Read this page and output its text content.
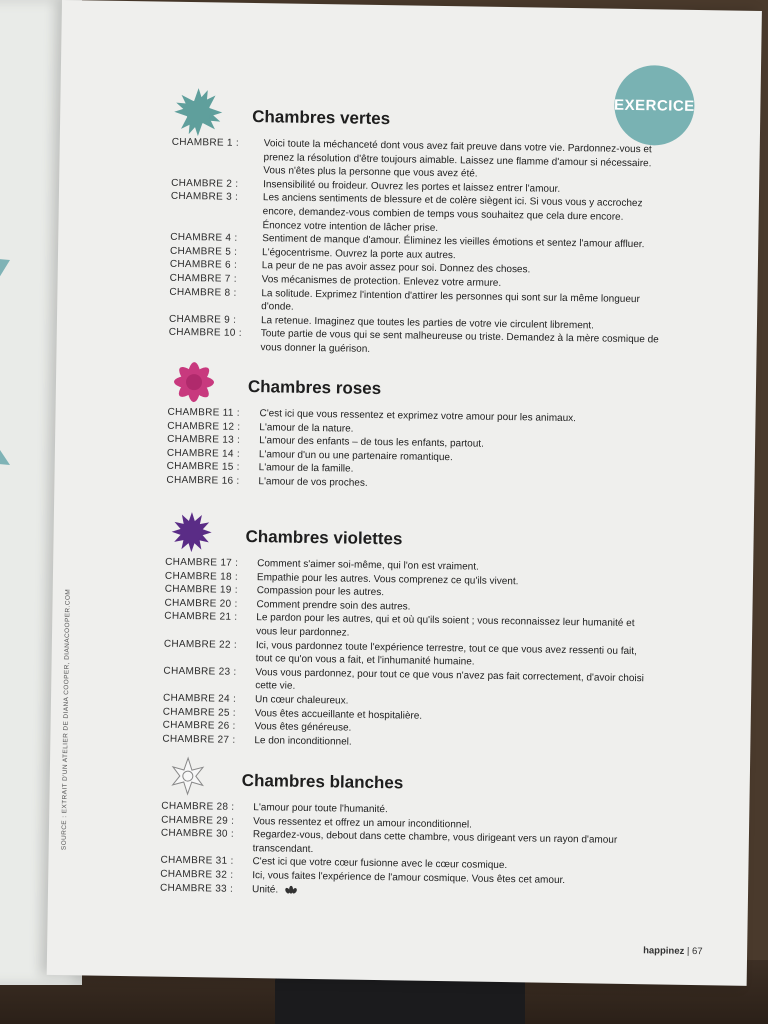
EXERCICE
Chambres vertes
CHAMBRE 1 :	Voici toute la méchanceté dont vous avez fait preuve dans votre vie. Pardonnez-vous et prenez la résolution d'être toujours aimable. Laissez une flamme d'amour si nécessaire. Vous n'êtes plus la personne que vous avez été.
CHAMBRE 2 :	Insensibilité ou froideur. Ouvrez les portes et laissez entrer l'amour.
CHAMBRE 3 :	Les anciens sentiments de blessure et de colère siègent ici. Si vous vous y accrochez encore, demandez-vous combien de temps vous souhaitez que cela dure encore. Énoncez votre intention de lâcher prise.
CHAMBRE 4 :	Sentiment de manque d'amour. Éliminez les vieilles émotions et sentez l'amour affluer.
CHAMBRE 5 :	L'égocentrisme. Ouvrez la porte aux autres.
CHAMBRE 6 :	La peur de ne pas avoir assez pour soi. Donnez des choses.
CHAMBRE 7 :	Vos mécanismes de protection. Enlevez votre armure.
CHAMBRE 8 :	La solitude. Exprimez l'intention d'attirer les personnes qui sont sur la même longueur d'onde.
CHAMBRE 9 :	La retenue. Imaginez que toutes les parties de votre vie circulent librement.
CHAMBRE 10 :	Toute partie de vous qui se sent malheureuse ou triste. Demandez à la mère cosmique de vous donner la guérison.
Chambres roses
CHAMBRE 11 :	C'est ici que vous ressentez et exprimez votre amour pour les animaux.
CHAMBRE 12 :	L'amour de la nature.
CHAMBRE 13 :	L'amour des enfants – de tous les enfants, partout.
CHAMBRE 14 :	L'amour d'un ou une partenaire romantique.
CHAMBRE 15 :	L'amour de la famille.
CHAMBRE 16 :	L'amour de vos proches.
Chambres violettes
CHAMBRE 17 :	Comment s'aimer soi-même, qui l'on est vraiment.
CHAMBRE 18 :	Empathie pour les autres. Vous comprenez ce qu'ils vivent.
CHAMBRE 19 :	Compassion pour les autres.
CHAMBRE 20 :	Comment prendre soin des autres.
CHAMBRE 21 :	Le pardon pour les autres, qui et où qu'ils soient ; vous reconnaissez leur humanité et vous leur pardonnez.
CHAMBRE 22 :	Ici, vous pardonnez toute l'expérience terrestre, tout ce que vous avez ressenti ou fait, tout ce qu'on vous a fait, et l'inhumanité humaine.
CHAMBRE 23 :	Vous vous pardonnez, pour tout ce que vous n'avez pas fait correctement, d'avoir choisi cette vie.
CHAMBRE 24 :	Un cœur chaleureux.
CHAMBRE 25 :	Vous êtes accueillante et hospitalière.
CHAMBRE 26 :	Vous êtes généreuse.
CHAMBRE 27 :	Le don inconditionnel.
Chambres blanches
CHAMBRE 28 :	L'amour pour toute l'humanité.
CHAMBRE 29 :	Vous ressentez et offrez un amour inconditionnel.
CHAMBRE 30 :	Regardez-vous, debout dans cette chambre, vous dirigeant vers un rayon d'amour transcendant.
CHAMBRE 31 :	C'est ici que votre cœur fusionne avec le cœur cosmique.
CHAMBRE 32 :	Ici, vous faites l'expérience de l'amour cosmique. Vous êtes cet amour.
CHAMBRE 33 :	Unité.
SOURCE : EXTRAIT D'UN ATELIER DE DIANA COOPER, DIANACOOPER.COM
happinez | 67
